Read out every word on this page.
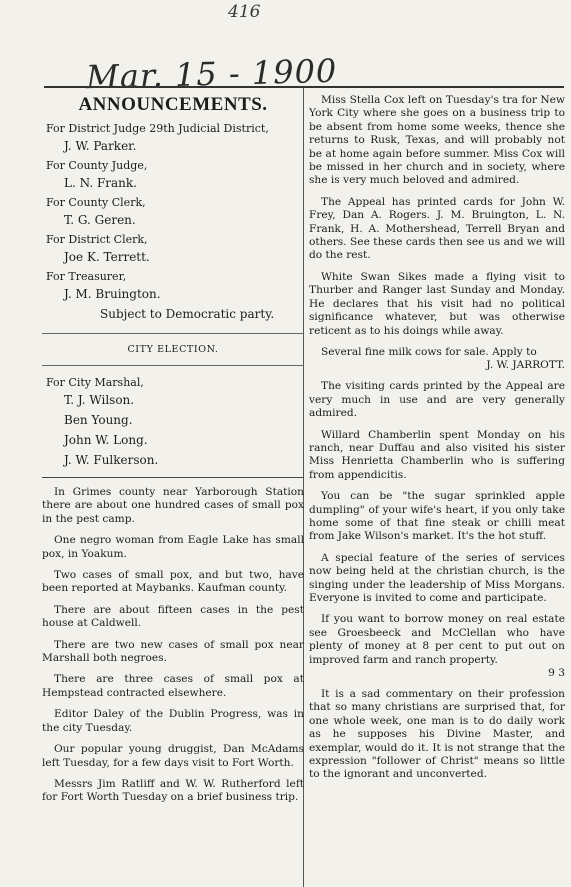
416
Mar. 15 - 1900
ANNOUNCEMENTS.
For District Judge 29th Judicial District,
J. W. Parker.
For County Judge,
L. N. Frank.
For County Clerk,
T. G. Geren.
For District Clerk,
Joe K. Terrett.
For Treasurer,
J. M. Bruington.
Subject to Democratic party.
CITY ELECTION.
For City Marshal,
T. J. Wilson.
Ben Young.
John W. Long.
J. W. Fulkerson.

In Grimes county near Yarborough Station there are about one hundred cases of small pox in the pest camp.

One negro woman from Eagle Lake has small pox, in Yoakum.

Two cases of small pox, and but two, have been reported at Maybanks. Kaufman county.

There are about fifteen cases in the pest house at Caldwell.

There are two new cases of small pox near Marshall both negroes.

There are three cases of small pox at Hempstead contracted elsewhere.

Editor Daley of the Dublin Progress, was in the city Tuesday.

Our popular young druggist, Dan McAdams left Tuesday, for a few days visit to Fort Worth.

Messrs Jim Ratliff and W. W. Rutherford left for Fort Worth Tuesday on a brief business trip.

Miss Stella Cox left on Tuesday's tra for New York City where she goes on a business trip to be absent from home some weeks, thence she returns to Rusk, Texas, and will probably not be at home again before summer. Miss Cox will be missed in her church and in society, where she is very much beloved and admired.

The Appeal has printed cards for John W. Frey, Dan A. Rogers. J. M. Bruington, L. N. Frank, H. A. Mothershead, Terrell Bryan and others. See these cards then see us and we will do the rest.

White Swan Sikes made a flying visit to Thurber and Ranger last Sunday and Monday. He declares that his visit had no political significance whatever, but was otherwise reticent as to his doings while away.

Several fine milk cows for sale. Apply to

J. W. JARROTT.

The visiting cards printed by the Appeal are very much in use and are very generally admired.

Willard Chamberlin spent Monday on his ranch, near Duffau and also visited his sister Miss Henrietta Chamberlin who is suffering from appendicitis.

You can be "the sugar sprinkled apple dumpling" of your wife's heart, if you only take home some of that fine steak or chilli meat from Jake Wilson's market. It's the hot stuff.

A special feature of the series of services now being held at the christian church, is the singing under the leadership of Miss Morgans. Everyone is invited to come and participate.

If you want to borrow money on real estate see Groesbeeck and McClellan who have plenty of money at 8 per cent to put out on improved farm and ranch property.

9 3

It is a sad commentary on their profession that so many christians are surprised that, for one whole week, one man is to do daily work as he supposes his Divine Master, and exemplar, would do it. It is not strange that the expression "follower of Christ" means so little to the ignorant and unconverted.
